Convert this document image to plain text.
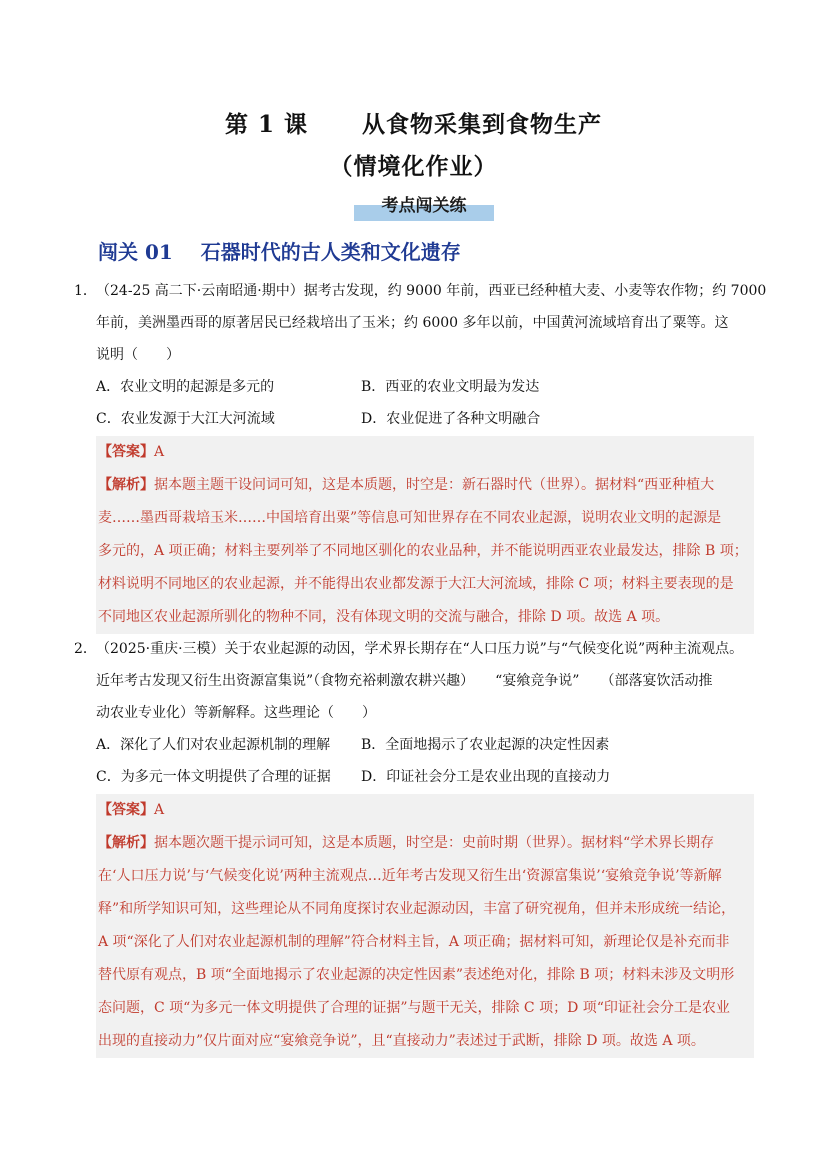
第 1 课      从食物采集到食物生产
（情境化作业）
考点闯关练
闯关 01 石器时代的古人类和文化遗存
1． （24-25 高二下·云南昭通·期中）据考古发现，约 9000 年前，西亚已经种植大麦、小麦等农作物；约 7000
年前，美洲墨西哥的原著居民已经栽培出了玉米；约 6000 多年以前，中国黄河流域培育出了粟等。这
说明（　　）
A．农业文明的起源是多元的	B．西亚的农业文明最为发达
C．农业发源于大江大河流域	D．农业促进了各种文明融合
【答案】A
【解析】据本题主题干设问词可知，这是本质题，时空是：新石器时代（世界）。据材料“西亚种植大
麦……墨西哥栽培玉米……中国培育出粟”等信息可知世界存在不同农业起源，说明农业文明的起源是
多元的，A 项正确；材料主要列举了不同地区驯化的农业品种，并不能说明西亚农业最发达，排除 B 项；
材料说明不同地区的农业起源，并不能得出农业都发源于大江大河流域，排除 C 项；材料主要表现的是
不同地区农业起源所驯化的物种不同，没有体现文明的交流与融合，排除 D 项。故选 A 项。
2． （2025·重庆·三模）关于农业起源的动因，学术界长期存在“人口压力说”与“气候变化说”两种主流观点。
近年考古发现又衍生出资源富集说”（食物充裕刺激农耕兴趣）　　“宴飨竞争说”　　（部落宴饮活动推
动农业专业化）等新解释。这些理论（　　）
A．深化了人们对农业起源机制的理解	B．全面地揭示了农业起源的决定性因素
C．为多元一体文明提供了合理的证据	D．印证社会分工是农业出现的直接动力
【答案】A
【解析】据本题次题干提示词可知，这是本质题，时空是：史前时期（世界）。据材料“学术界长期存
在‘人口压力说’与‘气候变化说’两种主流观点…近年考古发现又衍生出‘资源富集说’‘宴飨竞争说’等新解
释”和所学知识可知，这些理论从不同角度探讨农业起源动因，丰富了研究视角，但并未形成统一结论，
A 项“深化了人们对农业起源机制的理解”符合材料主旨，A 项正确；据材料可知，新理论仅是补充而非
替代原有观点，B 项“全面地揭示了农业起源的决定性因素”表述绝对化，排除 B 项；材料未涉及文明形
态问题，C 项“为多元一体文明提供了合理的证据”与题干无关，排除 C 项；D 项“印证社会分工是农业
出现的直接动力”仅片面对应“宴飨竞争说”，且“直接动力”表述过于武断，排除 D 项。故选 A 项。
